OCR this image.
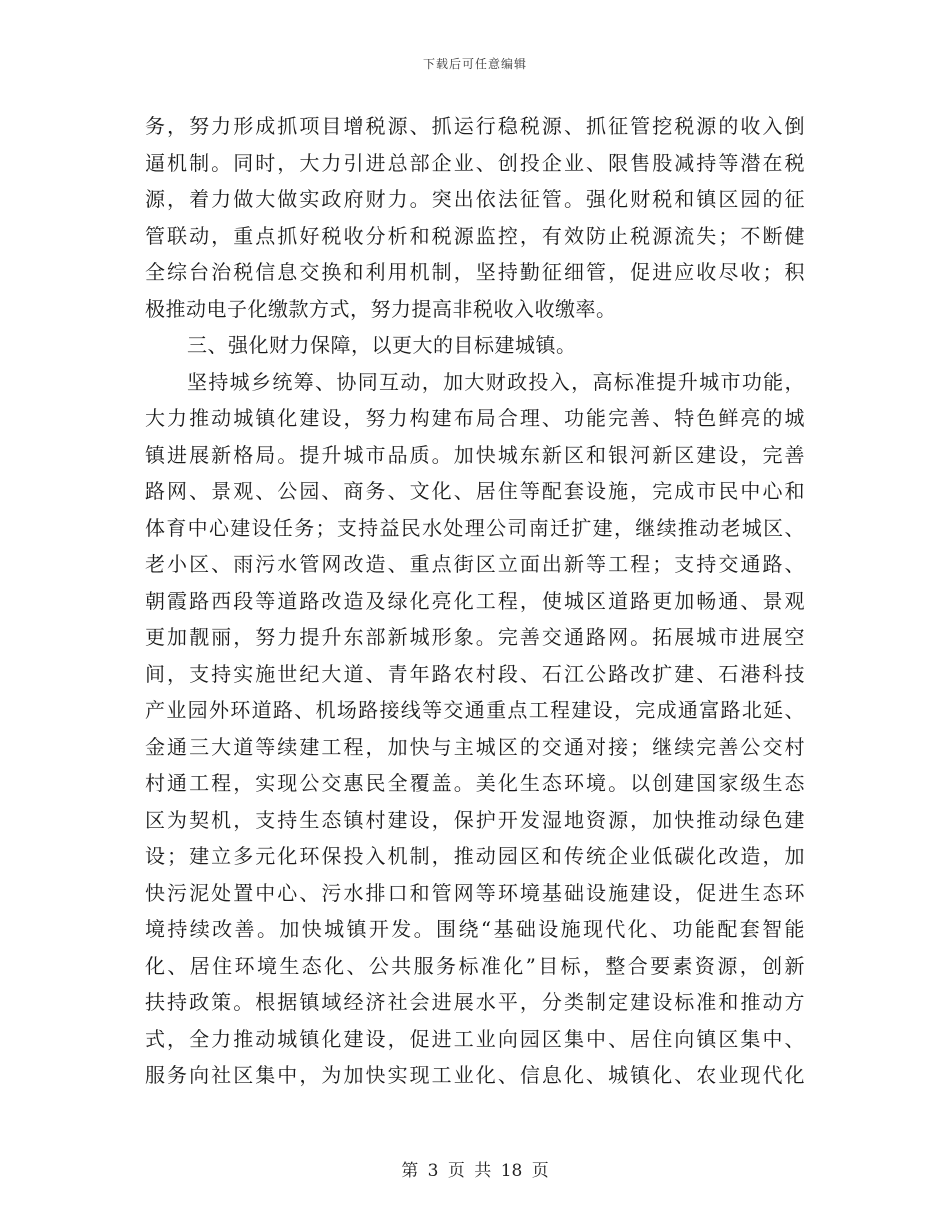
下载后可任意编辑
务，努力形成抓项目增税源、抓运行稳税源、抓征管挖税源的收入倒
逼机制。同时，大力引进总部企业、创投企业、限售股减持等潜在税
源，着力做大做实政府财力。突出依法征管。强化财税和镇区园的征
管联动，重点抓好税收分析和税源监控，有效防止税源流失；不断健
全综台治税信息交换和利用机制，坚持勤征细管，促进应收尽收；积
极推动电子化缴款方式，努力提高非税收入收缴率。
三、强化财力保障，以更大的目标建城镇。
坚持城乡统筹、协同互动，加大财政投入，高标准提升城市功能，
大力推动城镇化建设，努力构建布局合理、功能完善、特色鲜亮的城
镇进展新格局。提升城市品质。加快城东新区和银河新区建设，完善
路网、景观、公园、商务、文化、居住等配套设施，完成市民中心和
体育中心建设任务；支持益民水处理公司南迁扩建，继续推动老城区、
老小区、雨污水管网改造、重点街区立面出新等工程；支持交通路、
朝霞路西段等道路改造及绿化亮化工程，使城区道路更加畅通、景观
更加靓丽，努力提升东部新城形象。完善交通路网。拓展城市进展空
间，支持实施世纪大道、青年路农村段、石江公路改扩建、石港科技
产业园外环道路、机场路接线等交通重点工程建设，完成通富路北延、
金通三大道等续建工程，加快与主城区的交通对接；继续完善公交村
村通工程，实现公交惠民全覆盖。美化生态环境。以创建国家级生态
区为契机，支持生态镇村建设，保护开发湿地资源，加快推动绿色建
设；建立多元化环保投入机制，推动园区和传统企业低碳化改造，加
快污泥处置中心、污水排口和管网等环境基础设施建设，促进生态环
境持续改善。加快城镇开发。围绕“基础设施现代化、功能配套智能
化、居住环境生态化、公共服务标准化”目标，整合要素资源，创新
扶持政策。根据镇域经济社会进展水平，分类制定建设标准和推动方
式，全力推动城镇化建设，促进工业向园区集中、居住向镇区集中、
服务向社区集中，为加快实现工业化、信息化、城镇化、农业现代化
第 3 页 共 18 页
